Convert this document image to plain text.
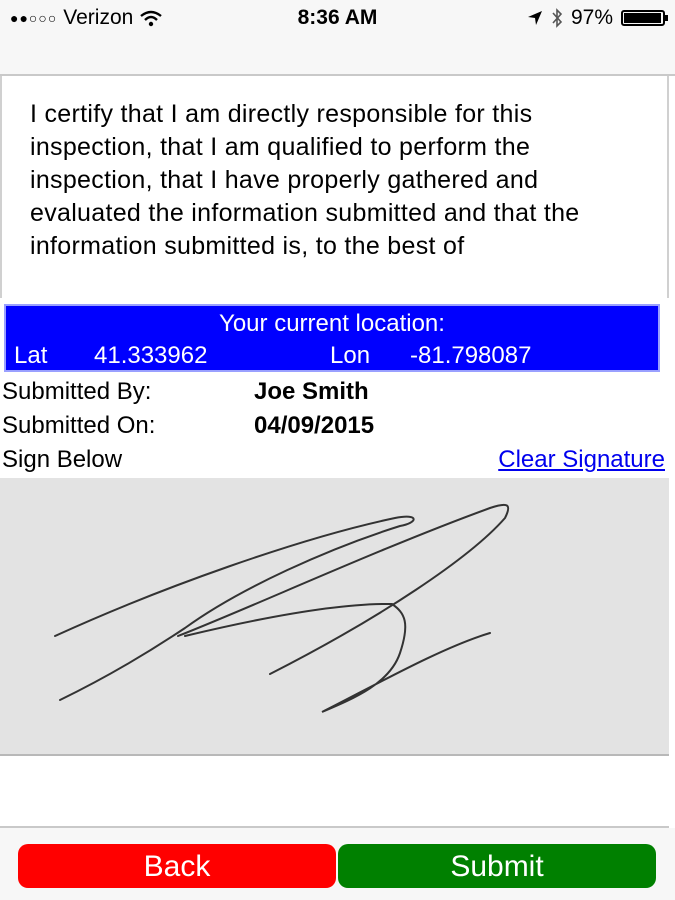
●●○○○ Verizon	8:36 AM	97%

I certify that I am directly responsible for this inspection, that I am qualified to perform the inspection, that I have properly gathered and evaluated the information submitted and that the information submitted is, to the best of

Your current location:
Lat 41.333962	Lon -81.798087
Submitted By:	Joe Smith
Submitted On:	04/09/2015
Sign Below	Clear Signature
Back	Submit
